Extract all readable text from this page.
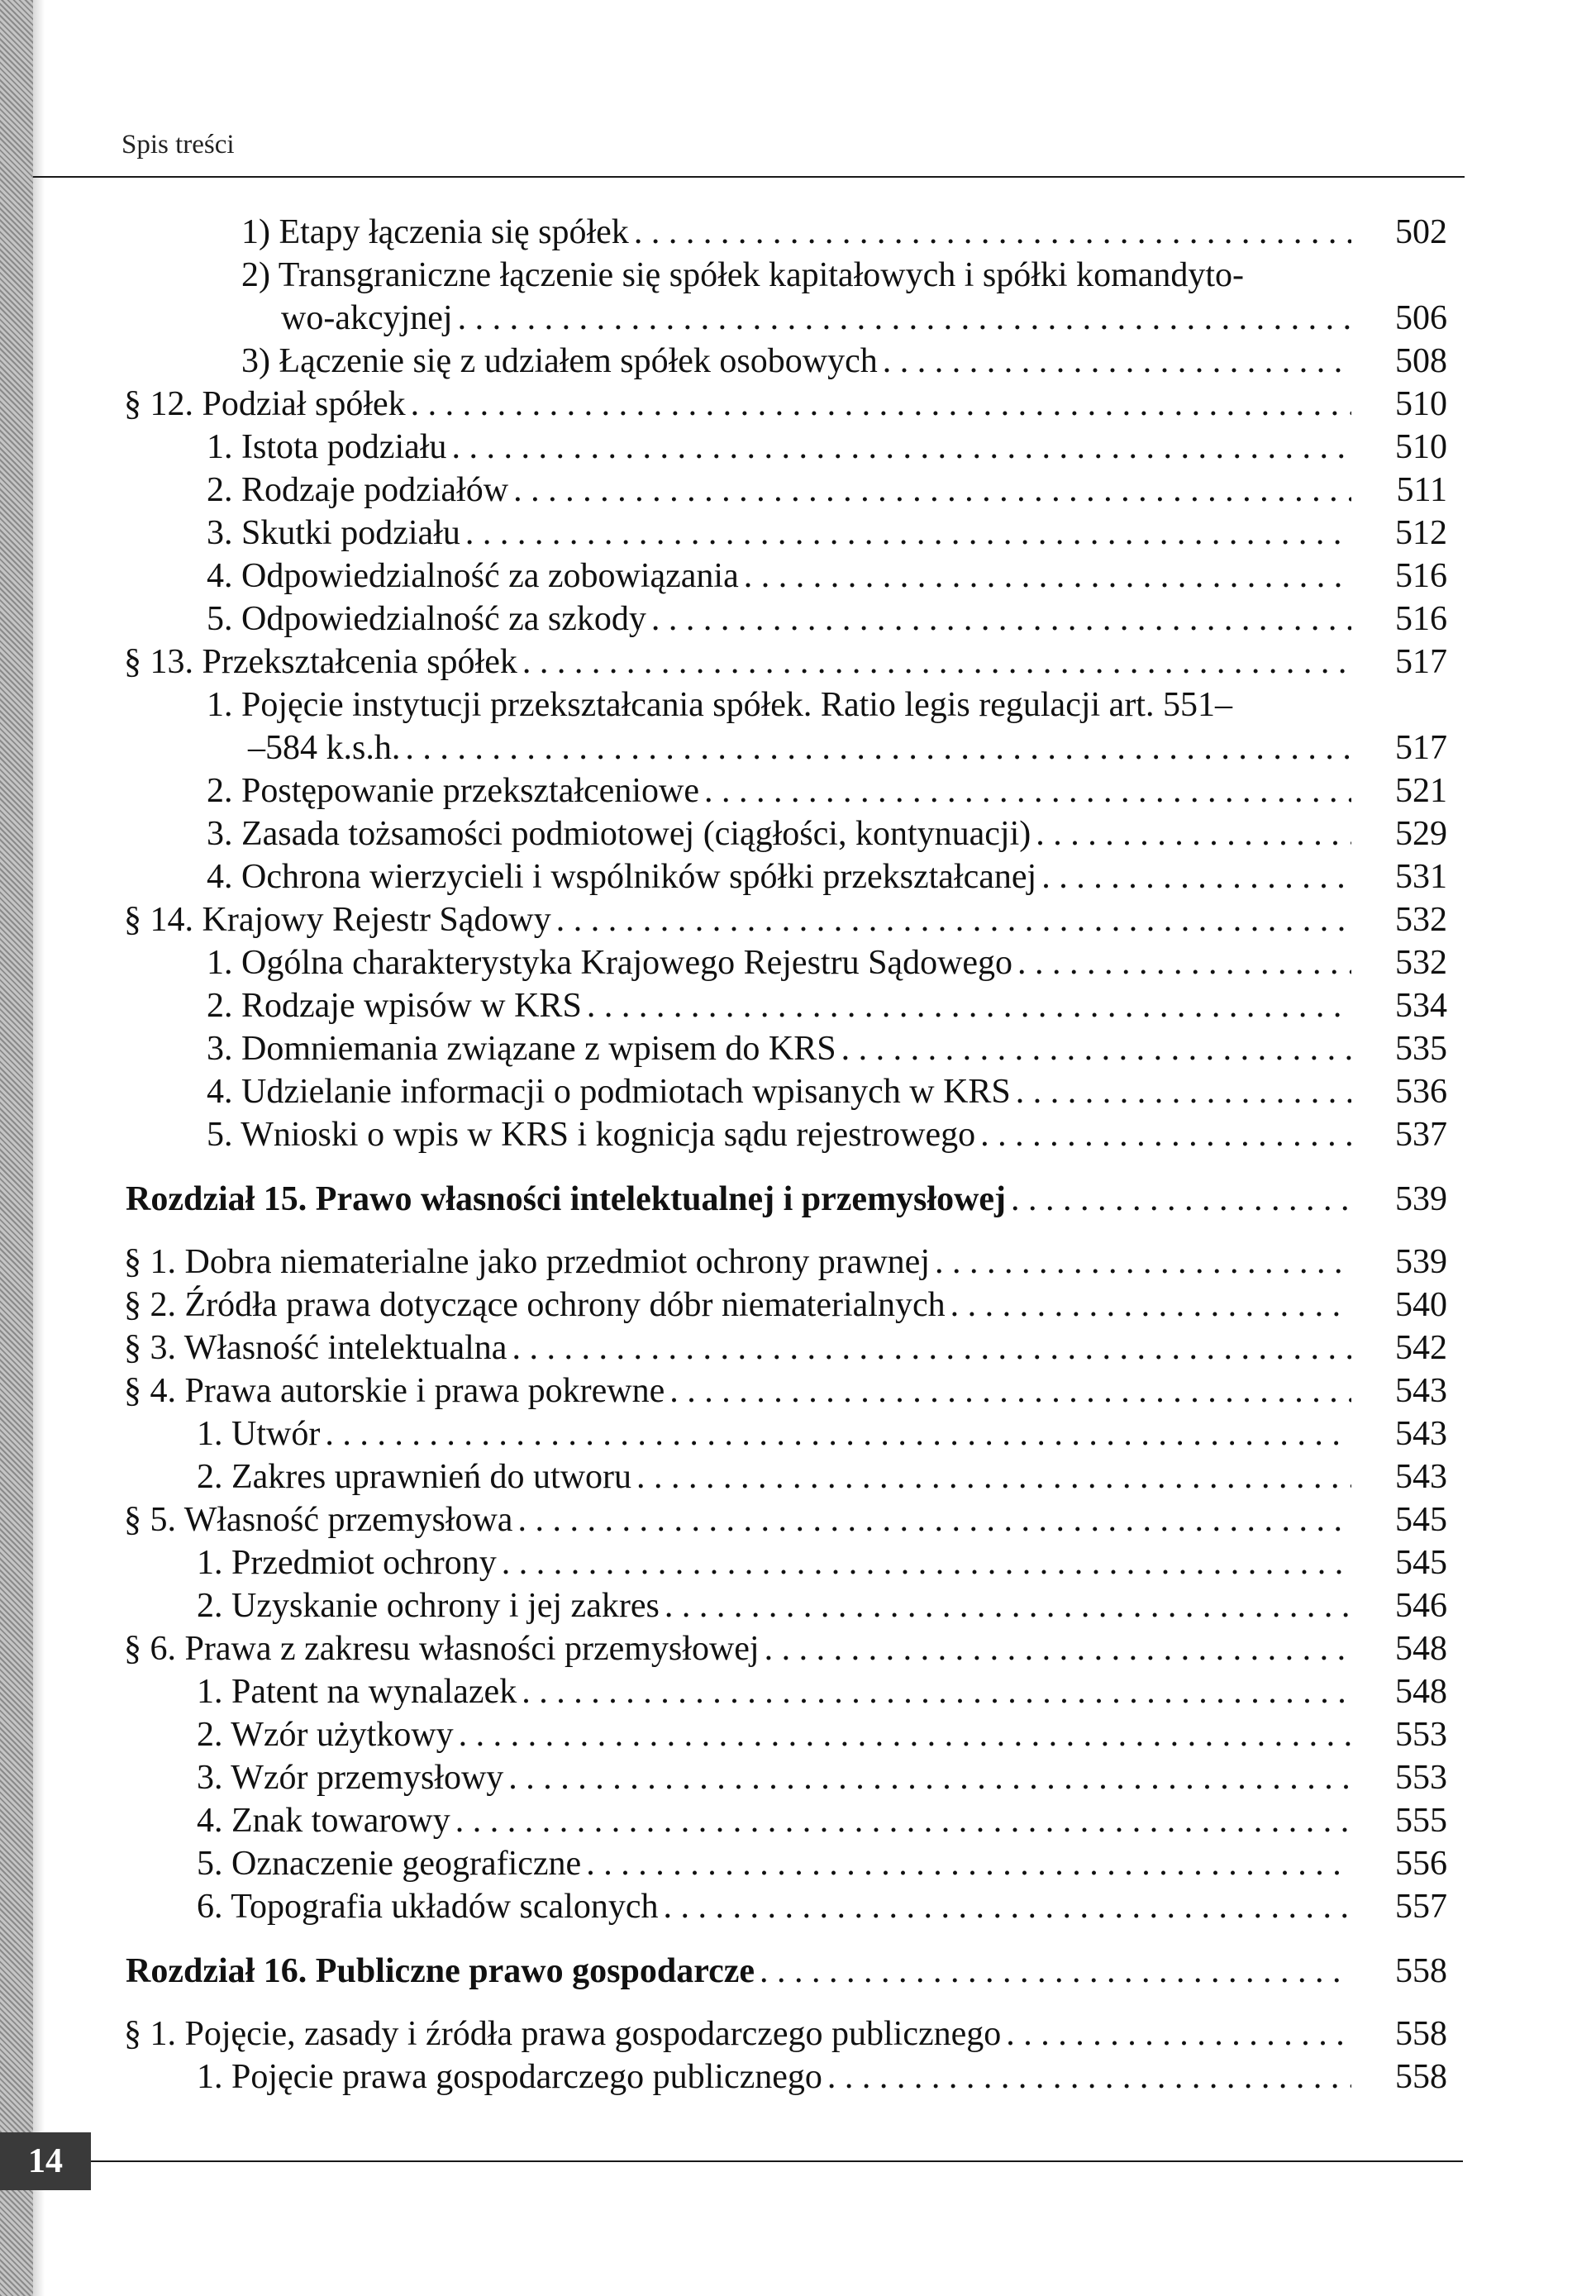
Spis treści
1) Etapy łączenia się spółek . . .	502
2) Transgraniczne łączenie się spółek kapitałowych i spółki komandyto-
wo-akcyjnej . . .	506
3) Łączenie się z udziałem spółek osobowych . . .	508
§ 12. Podział spółek . . .	510
1. Istota podziału . . .	510
2. Rodzaje podziałów . . .	511
3. Skutki podziału . . .	512
4. Odpowiedzialność za zobowiązania . . .	516
5. Odpowiedzialność za szkody . . .	516
§ 13. Przekształcenia spółek . . .	517
1. Pojęcie instytucji przekształcania spółek. Ratio legis regulacji art. 551–
–584 k.s.h. . . .	517
2. Postępowanie przekształceniowe . . .	521
3. Zasada tożsamości podmiotowej (ciągłości, kontynuacji) . . .	529
4. Ochrona wierzycieli i wspólników spółki przekształcanej . . .	531
§ 14. Krajowy Rejestr Sądowy . . .	532
1. Ogólna charakterystyka Krajowego Rejestru Sądowego . . .	532
2. Rodzaje wpisów w KRS . . .	534
3. Domniemania związane z wpisem do KRS . . .	535
4. Udzielanie informacji o podmiotach wpisanych w KRS . . .	536
5. Wnioski o wpis w KRS i kognicja sądu rejestrowego . . .	537
Rozdział 15. Prawo własności intelektualnej i przemysłowej . . .	539
§ 1. Dobra niematerialne jako przedmiot ochrony prawnej . . .	539
§ 2. Źródła prawa dotyczące ochrony dóbr niematerialnych . . .	540
§ 3. Własność intelektualna . . .	542
§ 4. Prawa autorskie i prawa pokrewne . . .	543
1. Utwór . . .	543
2. Zakres uprawnień do utworu . . .	543
§ 5. Własność przemysłowa . . .	545
1. Przedmiot ochrony . . .	545
2. Uzyskanie ochrony i jej zakres . . .	546
§ 6. Prawa z zakresu własności przemysłowej . . .	548
1. Patent na wynalazek . . .	548
2. Wzór użytkowy . . .	553
3. Wzór przemysłowy . . .	553
4. Znak towarowy . . .	555
5. Oznaczenie geograficzne . . .	556
6. Topografia układów scalonych . . .	557
Rozdział 16. Publiczne prawo gospodarcze . . .	558
§ 1. Pojęcie, zasady i źródła prawa gospodarczego publicznego . . .	558
1. Pojęcie prawa gospodarczego publicznego . . .	558
14
